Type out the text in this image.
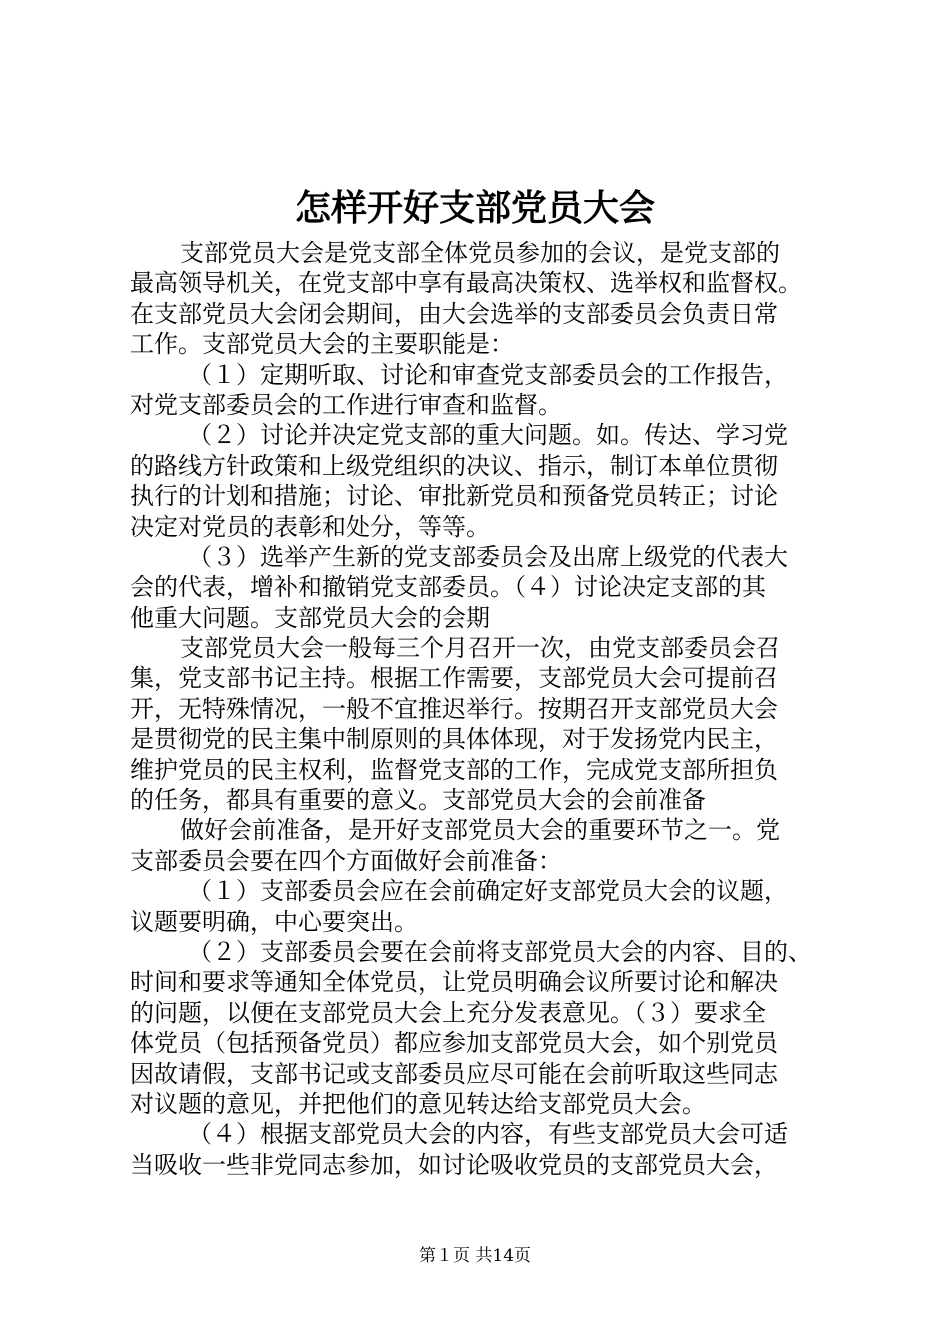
怎样开好支部党员大会
支部党员大会是党支部全体党员参加的会议，是党支部的
最高领导机关，在党支部中享有最高决策权、选举权和监督权。
在支部党员大会闭会期间，由大会选举的支部委员会负责日常
工作。支部党员大会的主要职能是：
（１）定期听取、讨论和审查党支部委员会的工作报告，
对党支部委员会的工作进行审查和监督。
（２）讨论并决定党支部的重大问题。如。传达、学习党
的路线方针政策和上级党组织的决议、指示，制订本单位贯彻
执行的计划和措施；讨论、审批新党员和预备党员转正；讨论
决定对党员的表彰和处分，等等。
（３）选举产生新的党支部委员会及出席上级党的代表大
会的代表，增补和撤销党支部委员。（４）讨论决定支部的其
他重大问题。支部党员大会的会期
支部党员大会一般每三个月召开一次，由党支部委员会召
集，党支部书记主持。根据工作需要，支部党员大会可提前召
开，无特殊情况，一般不宜推迟举行。按期召开支部党员大会
是贯彻党的民主集中制原则的具体体现，对于发扬党内民主，
维护党员的民主权利，监督党支部的工作，完成党支部所担负
的任务，都具有重要的意义。支部党员大会的会前准备
做好会前准备，是开好支部党员大会的重要环节之一。党
支部委员会要在四个方面做好会前准备：
（１）支部委员会应在会前确定好支部党员大会的议题，
议题要明确，中心要突出。
（２）支部委员会要在会前将支部党员大会的内容、目的、
时间和要求等通知全体党员，让党员明确会议所要讨论和解决
的问题，以便在支部党员大会上充分发表意见。（３）要求全
体党员（包括预备党员）都应参加支部党员大会，如个别党员
因故请假，支部书记或支部委员应尽可能在会前听取这些同志
对议题的意见，并把他们的意见转达给支部党员大会。
（４）根据支部党员大会的内容，有些支部党员大会可适
当吸收一些非党同志参加，如讨论吸收党员的支部党员大会，
第１页 共14页
